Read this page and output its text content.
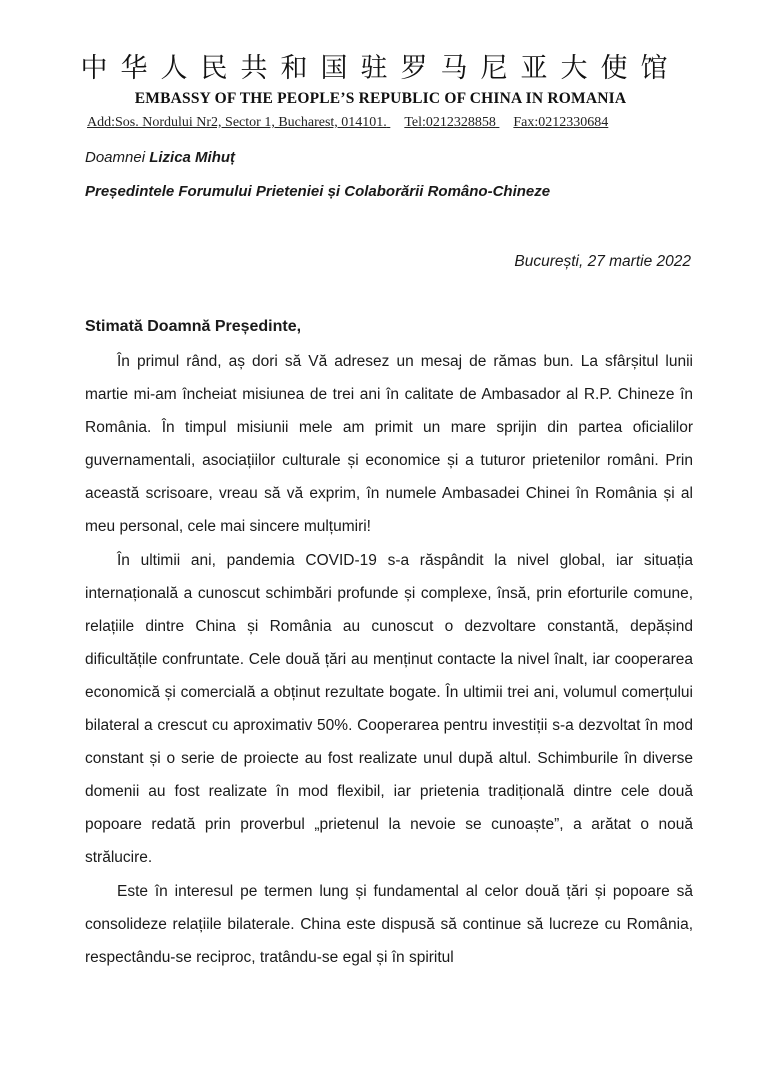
中华人民共和国驻罗马尼亚大使馆
EMBASSY OF THE PEOPLE’S REPUBLIC OF CHINA IN ROMANIA
Add:Sos. Nordului Nr2, Sector 1, Bucharest, 014101. Tel:0212328858 Fax:0212330684
Doamnei Lizica Mihuț
Președintele Forumului Prieteniei și Colaborării Româno-Chineze
București, 27 martie 2022
Stimată Doamnă Președinte,

În primul rând, aș dori să Vă adresez un mesaj de rămas bun. La sfârșitul lunii martie mi-am încheiat misiunea de trei ani în calitate de Ambasador al R.P. Chineze în România. În timpul misiunii mele am primit un mare sprijin din partea oficialilor guvernamentali, asociațiilor culturale și economice și a tuturor prietenilor români. Prin această scrisoare, vreau să vă exprim, în numele Ambasadei Chinei în România și al meu personal, cele mai sincere mulțumiri!

În ultimii ani, pandemia COVID-19 s-a răspândit la nivel global, iar situația internațională a cunoscut schimbări profunde și complexe, însă, prin eforturile comune, relațiile dintre China și România au cunoscut o dezvoltare constantă, depășind dificultățile confruntate. Cele două țări au menținut contacte la nivel înalt, iar cooperarea economică și comercială a obținut rezultate bogate. În ultimii trei ani, volumul comerțului bilateral a crescut cu aproximativ 50%. Cooperarea pentru investiții s-a dezvoltat în mod constant și o serie de proiecte au fost realizate unul după altul. Schimburile în diverse domenii au fost realizate în mod flexibil, iar prietenia tradițională dintre cele două popoare redată prin proverbul „prietenul la nevoie se cunoaște”, a arătat o nouă strălucire.

Este în interesul pe termen lung și fundamental al celor două țări și popoare să consolideze relațiile bilaterale. China este dispusă să continue să lucreze cu România, respectându-se reciproc, tratându-se egal și în spiritul
